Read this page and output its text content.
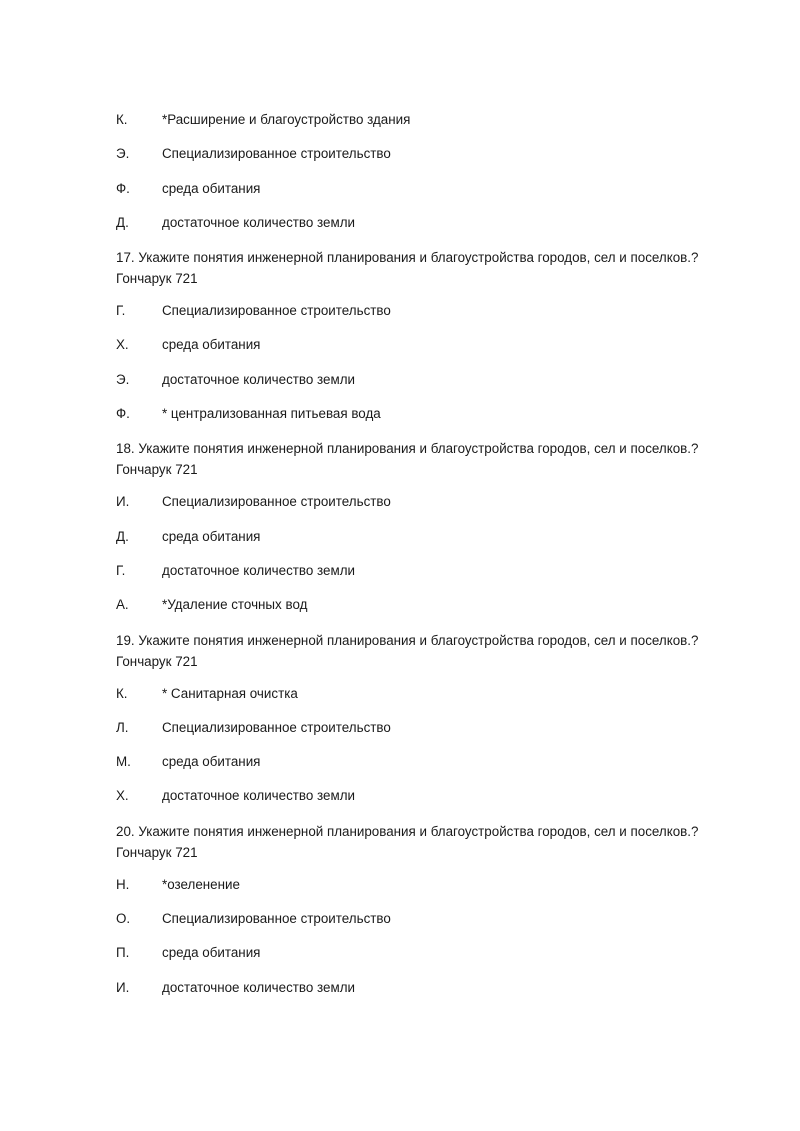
К.	*Расширение и благоустройство здания
Э.	Специализированное строительство
Ф.	среда обитания
Д.	достаточное количество земли
17. Укажите понятия инженерной планирования и благоустройства городов, сел и поселков.?
Гончарук 721
Г.	Специализированное строительство
Х.	среда обитания
Э.	достаточное количество земли
Ф.	* централизованная питьевая вода
18. Укажите понятия инженерной планирования и благоустройства городов, сел и поселков.?
Гончарук 721
И.	Специализированное строительство
Д.	среда обитания
Г.	достаточное количество земли
А.	*Удаление сточных вод
19. Укажите понятия инженерной планирования и благоустройства городов, сел и поселков.?
Гончарук 721
К.	* Санитарная очистка
Л.	Специализированное строительство
М.	среда обитания
Х.	достаточное количество земли
20. Укажите понятия инженерной планирования и благоустройства городов, сел и поселков.?
Гончарук 721
Н.	*озеленение
О.	Специализированное строительство
П.	среда обитания
И.	достаточное количество земли
